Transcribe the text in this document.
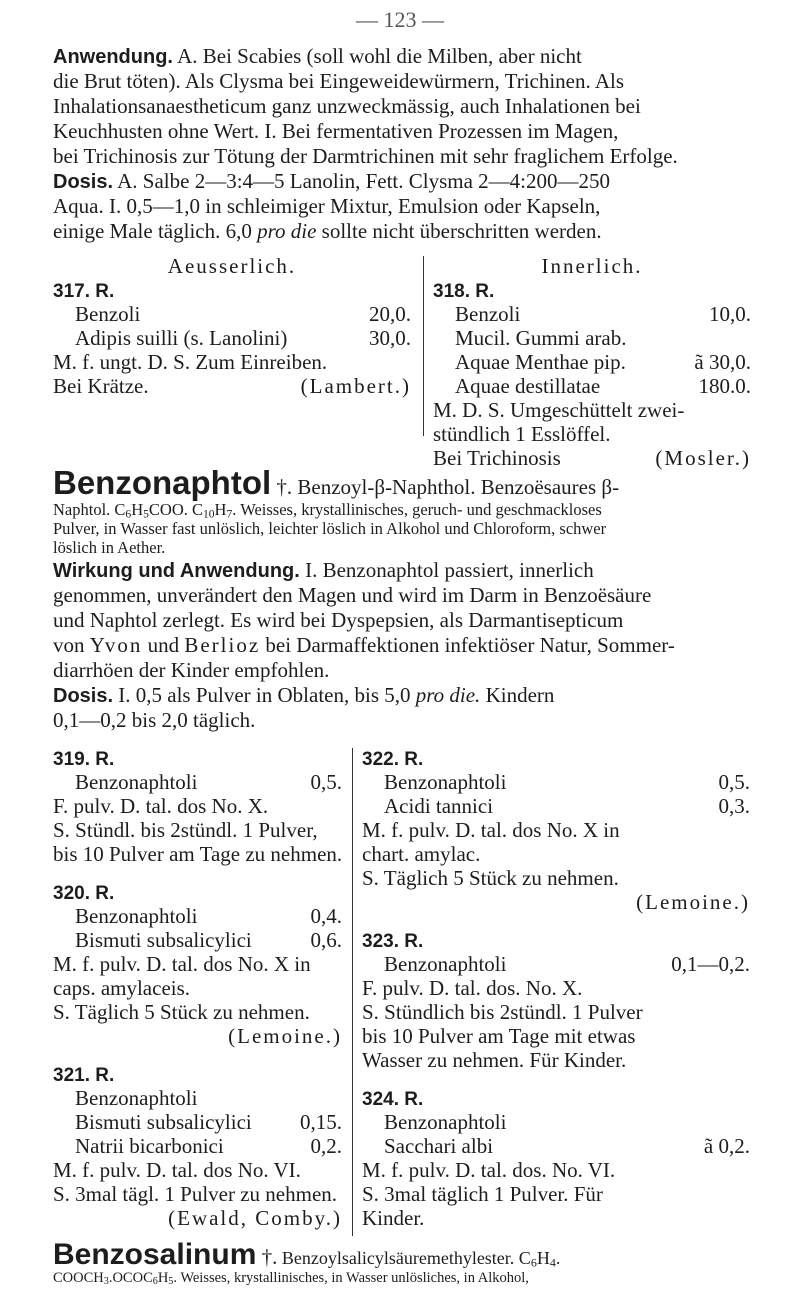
— 123 —
Anwendung. A. Bei Scabies (soll wohl die Milben, aber nicht
die Brut töten). Als Clysma bei Eingeweidewürmern, Trichinen. Als
Inhalationsanaestheticum ganz unzweckmässig, auch Inhalationen bei
Keuchhusten ohne Wert. I. Bei fermentativen Prozessen im Magen,
bei Trichinosis zur Tötung der Darmtrichinen mit sehr fraglichem Erfolge.
Dosis. A. Salbe 2—3:4—5 Lanolin, Fett. Clysma 2—4:200—250
Aqua. I. 0,5—1,0 in schleimiger Mixtur, Emulsion oder Kapseln,
einige Male täglich. 6,0 pro die sollte nicht überschritten werden.
Aeusserlich.
317. R.
Benzoli	20,0.
Adipis suilli (s. Lanolini)	30,0.
M. f. ungt. D. S. Zum Einreiben.
Bei Krätze.	(Lambert.)
Innerlich.
318. R.
Benzoli	10,0.
Mucil. Gummi arab.
Aquae Menthae pip.	ã 30,0.
Aquae destillatae	180.0.
M. D. S. Umgeschüttelt zwei-
stündlich 1 Esslöffel.
Bei Trichinosis	(Mosler.)
Benzonaphtol †. Benzoyl-β-Naphthol. Benzoësaures β-
Naphtol. $C_6H_5COO$. $C_{10}H_7$. Weisses, krystallinisches, geruch- und geschmackloses
Pulver, in Wasser fast unlöslich, leichter löslich in Alkohol und Chloroform, schwer
löslich in Aether.
Wirkung und Anwendung. I. Benzonaphtol passiert, innerlich
genommen, unverändert den Magen und wird im Darm in Benzoësäure
und Naphtol zerlegt. Es wird bei Dyspepsien, als Darmantisepticum
von Yvon und Berlioz bei Darmaffektionen infektiöser Natur, Sommer-
diarrhöen der Kinder empfohlen.
Dosis. I. 0,5 als Pulver in Oblaten, bis 5,0 pro die. Kindern
0,1—0,2 bis 2,0 täglich.
319. R.
Benzonaphtoli	0,5.
F. pulv. D. tal. dos No. X.
S. Stündl. bis 2stündl. 1 Pulver,
bis 10 Pulver am Tage zu nehmen.
320. R.
Benzonaphtoli	0,4.
Bismuti subsalicylici	0,6.
M. f. pulv. D. tal. dos No. X in
caps. amylaceis.
S. Täglich 5 Stück zu nehmen.
(Lemoine.)
321. R.
Benzonaphtoli
Bismuti subsalicylici 0,15.
Natrii bicarbonici	0,2.
M. f. pulv. D. tal. dos No. VI.
S. 3mal tägl. 1 Pulver zu nehmen.
(Ewald, Comby.)
322. R.
Benzonaphtoli	0,5.
Acidi tannici	0,3.
M. f. pulv. D. tal. dos No. X in
chart. amylac.
S. Täglich 5 Stück zu nehmen.
(Lemoine.)
323. R.
Benzonaphtoli	0,1—0,2.
F. pulv. D. tal. dos. No. X.
S. Stündlich bis 2stündl. 1 Pulver
bis 10 Pulver am Tage mit etwas
Wasser zu nehmen. Für Kinder.
324. R.
Benzonaphtoli
Sacchari albi	ã 0,2.
M. f. pulv. D. tal. dos. No. VI.
S. 3mal täglich 1 Pulver. Für
Kinder.
Benzosalinum †. Benzoylsalicylsäuremethylester. $C_6H_4$.
$COOCH_3.OCOC_6H_5$. Weisses, krystallinisches, in Wasser unlösliches, in Alkohol,
